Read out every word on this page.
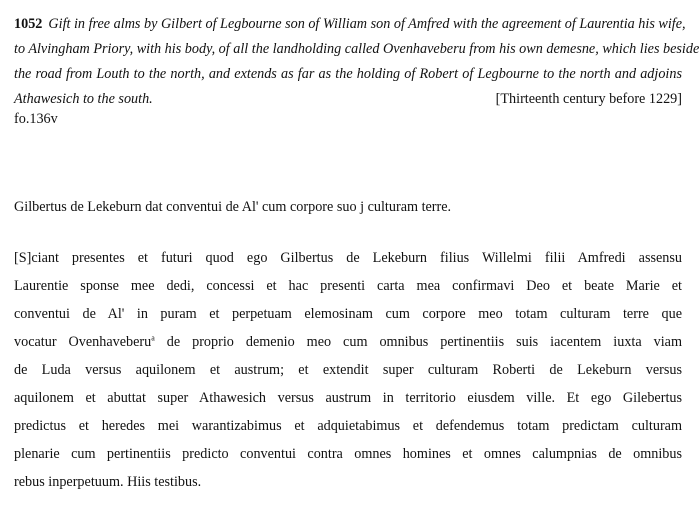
1052 Gift in free alms by Gilbert of Legbourne son of William son of Amfred with the agreement of Laurentia his wife,
to Alvingham Priory, with his body, of all the landholding called Ovenhaveberu from his own demesne, which lies beside
the road from Louth to the north, and extends as far as the holding of Robert of Legbourne to the north and adjoins
Athawesich to the south.	[Thirteenth century before 1229]
fo.136v
Gilbertus de Lekeburn dat conventui de Al' cum corpore suo j culturam terre.
[S]ciant presentes et futuri quod ego Gilbertus de Lekeburn filius Willelmi filii Amfredi assensu
Laurentie sponse mee dedi, concessi et hac presenti carta mea confirmavi Deo et beate Marie et
conventui de Al' in puram et perpetuam elemosinam cum corpore meo totam culturam terre que
vocatur Ovenhaveberu$^a$ de proprio demenio meo cum omnibus pertinentiis suis iacentem iuxta viam
de Luda versus aquilonem et austrum; et extendit super culturam Roberti de Lekeburn versus
aquilonem et abuttat super Athawesich versus austrum in territorio eiusdem ville. Et ego Gilebertus
predictus et heredes mei warantizabimus et adquietabimus et defendemus totam predictam culturam
plenarie cum pertinentiis predicto conventui contra omnes homines et omnes calumpnias de omnibus
rebus inperpetuum. Hiis testibus.
